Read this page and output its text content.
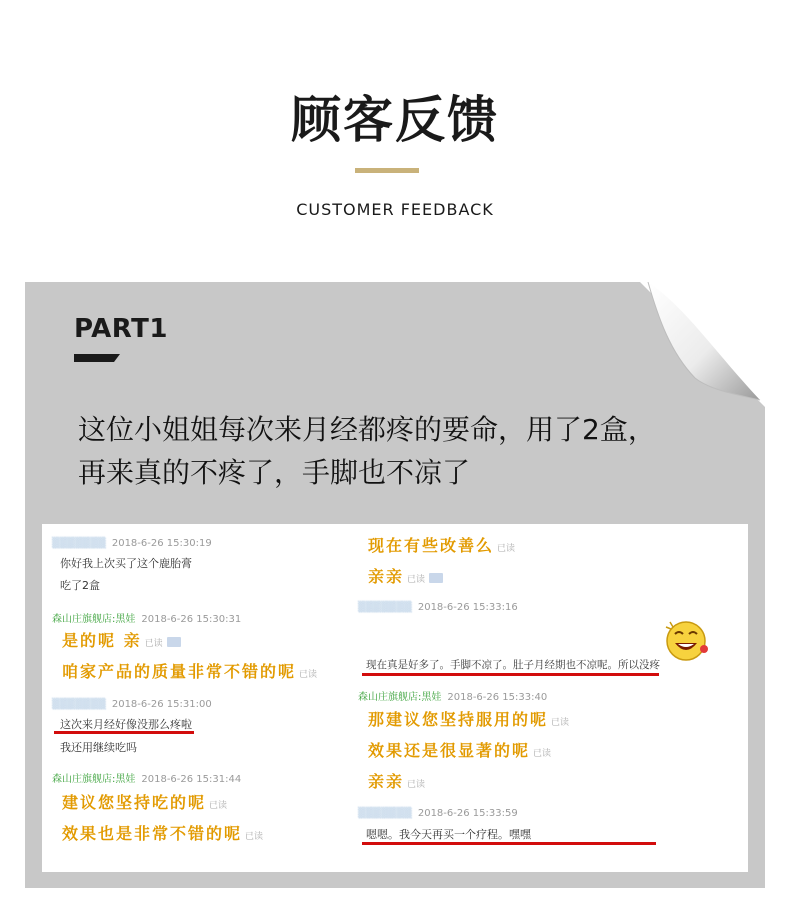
顾客反馈
CUSTOMER FEEDBACK
PART1
这位小姐姐每次来月经都疼的要命，用了2盒，
再来真的不疼了，手脚也不凉了
▒▒▒▒▒▒▒ 2018-6-26 15:30:19
你好我上次买了这个鹿胎膏
吃了2盒
森山庄旗舰店:黑娃 2018-6-26 15:30:31
是的呢 亲 已读
咱家产品的质量非常不错的呢 已读
▒▒▒▒▒▒▒ 2018-6-26 15:31:00
这次来月经好像没那么疼啦
我还用继续吃吗
森山庄旗舰店:黑娃 2018-6-26 15:31:44
建议您坚持吃的呢 已读
效果也是非常不错的呢 已读
现在有些改善么 已读
亲亲 已读
▒▒▒▒▒▒▒ 2018-6-26 15:33:16
现在真是好多了。手脚不凉了。肚子月经期也不凉呢。所以没疼
森山庄旗舰店:黑娃 2018-6-26 15:33:40
那建议您坚持服用的呢 已读
效果还是很显著的呢 已读
亲亲 已读
▒▒▒▒▒▒▒ 2018-6-26 15:33:59
嗯嗯。我今天再买一个疗程。嘿嘿
